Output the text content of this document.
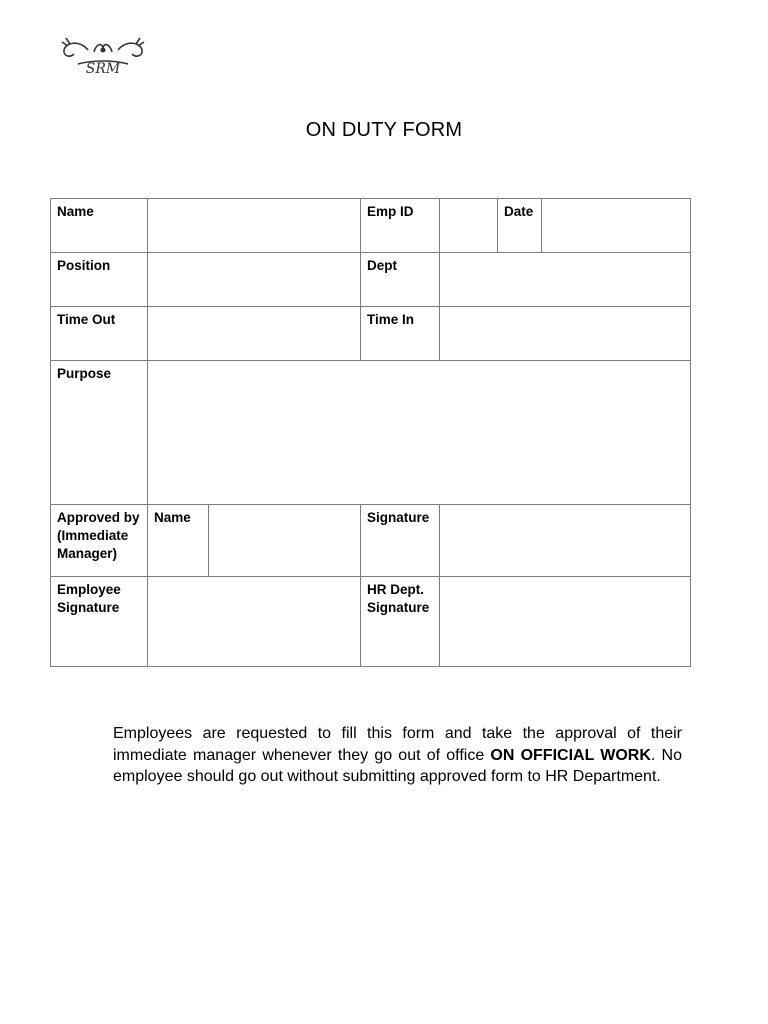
SRM
ON DUTY FORM
Name			Emp ID		Date	
Position			Dept			
Time Out			Time In			
Purpose						
Approved by (Immediate Manager)	Name		Signature			
Employee Signature			HR Dept. Signature			
Employees are requested to fill this form and take the approval of their immediate manager whenever they go out of office ON OFFICIAL WORK. No employee should go out without submitting approved form to HR Department.
